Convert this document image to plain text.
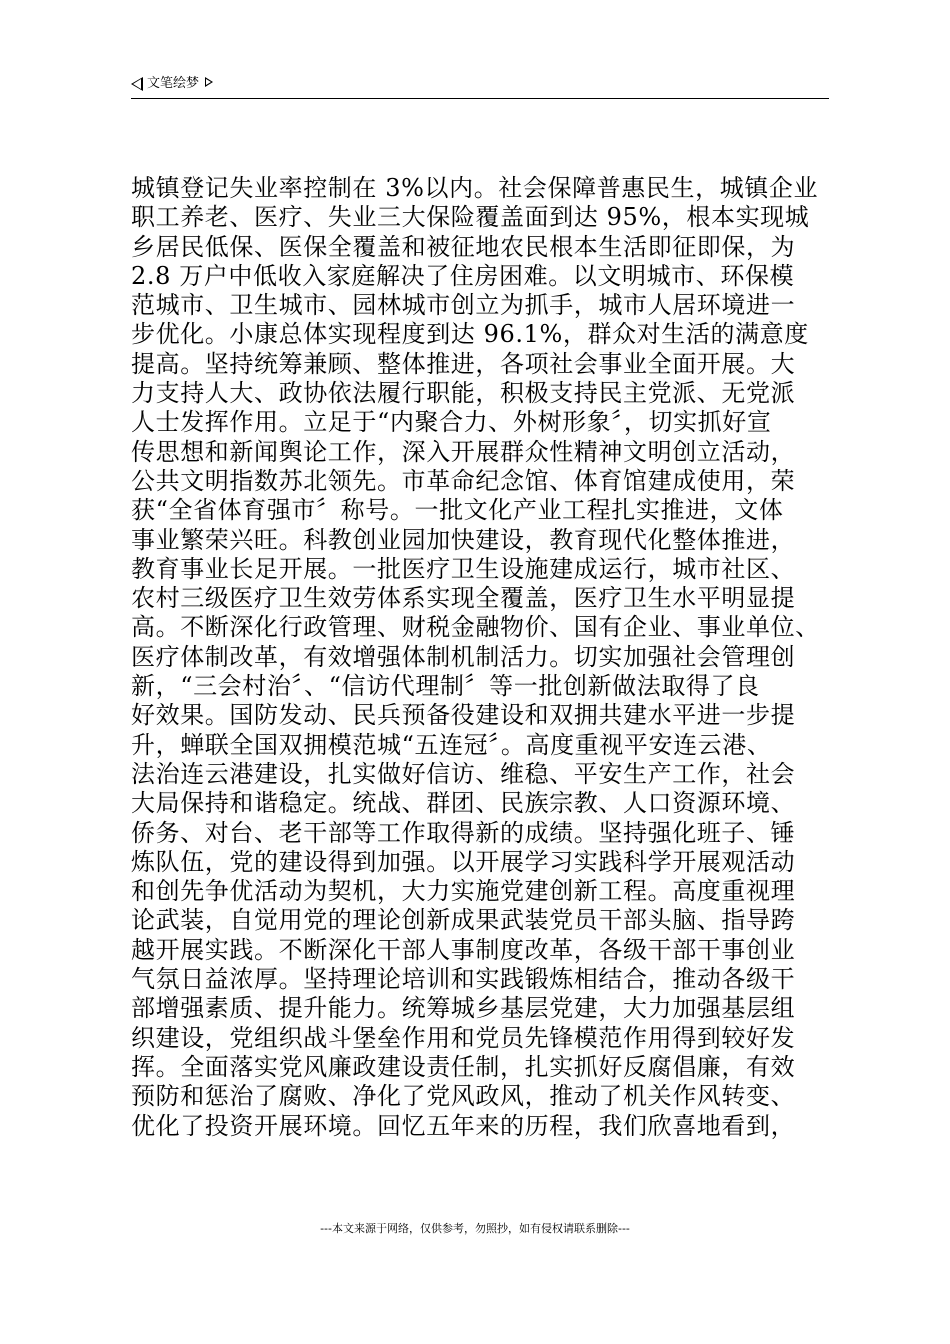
文笔绘梦
城镇登记失业率控制在 3%以内。社会保障普惠民生，城镇企业
职工养老、医疗、失业三大保险覆盖面到达 95%，根本实现城
乡居民低保、医保全覆盖和被征地农民根本生活即征即保，为
2.8 万户中低收入家庭解决了住房困难。以文明城市、环保模
范城市、卫生城市、园林城市创立为抓手，城市人居环境进一
步优化。小康总体实现程度到达 96.1%，群众对生活的满意度
提高。坚持统筹兼顾、整体推进，各项社会事业全面开展。大
力支持人大、政协依法履行职能，积极支持民主党派、无党派
人士发挥作用。立足于“内聚合力、外树形象〞，切实抓好宣
传思想和新闻舆论工作，深入开展群众性精神文明创立活动，
公共文明指数苏北领先。市革命纪念馆、体育馆建成使用，荣
获“全省体育强市〞称号。一批文化产业工程扎实推进，文体
事业繁荣兴旺。科教创业园加快建设，教育现代化整体推进，
教育事业长足开展。一批医疗卫生设施建成运行，城市社区、
农村三级医疗卫生效劳体系实现全覆盖，医疗卫生水平明显提
高。不断深化行政管理、财税金融物价、国有企业、事业单位、
医疗体制改革，有效增强体制机制活力。切实加强社会管理创
新，“三会村治〞、“信访代理制〞等一批创新做法取得了良
好效果。国防发动、民兵预备役建设和双拥共建水平进一步提
升，蝉联全国双拥模范城“五连冠〞。高度重视平安连云港、
法治连云港建设，扎实做好信访、维稳、平安生产工作，社会
大局保持和谐稳定。统战、群团、民族宗教、人口资源环境、
侨务、对台、老干部等工作取得新的成绩。坚持强化班子、锤
炼队伍，党的建设得到加强。以开展学习实践科学开展观活动
和创先争优活动为契机，大力实施党建创新工程。高度重视理
论武装，自觉用党的理论创新成果武装党员干部头脑、指导跨
越开展实践。不断深化干部人事制度改革，各级干部干事创业
气氛日益浓厚。坚持理论培训和实践锻炼相结合，推动各级干
部增强素质、提升能力。统筹城乡基层党建，大力加强基层组
织建设，党组织战斗堡垒作用和党员先锋模范作用得到较好发
挥。全面落实党风廉政建设责任制，扎实抓好反腐倡廉，有效
预防和惩治了腐败、净化了党风政风，推动了机关作风转变、
优化了投资开展环境。回忆五年来的历程，我们欣喜地看到，
---本文来源于网络，仅供参考，勿照抄，如有侵权请联系删除---
